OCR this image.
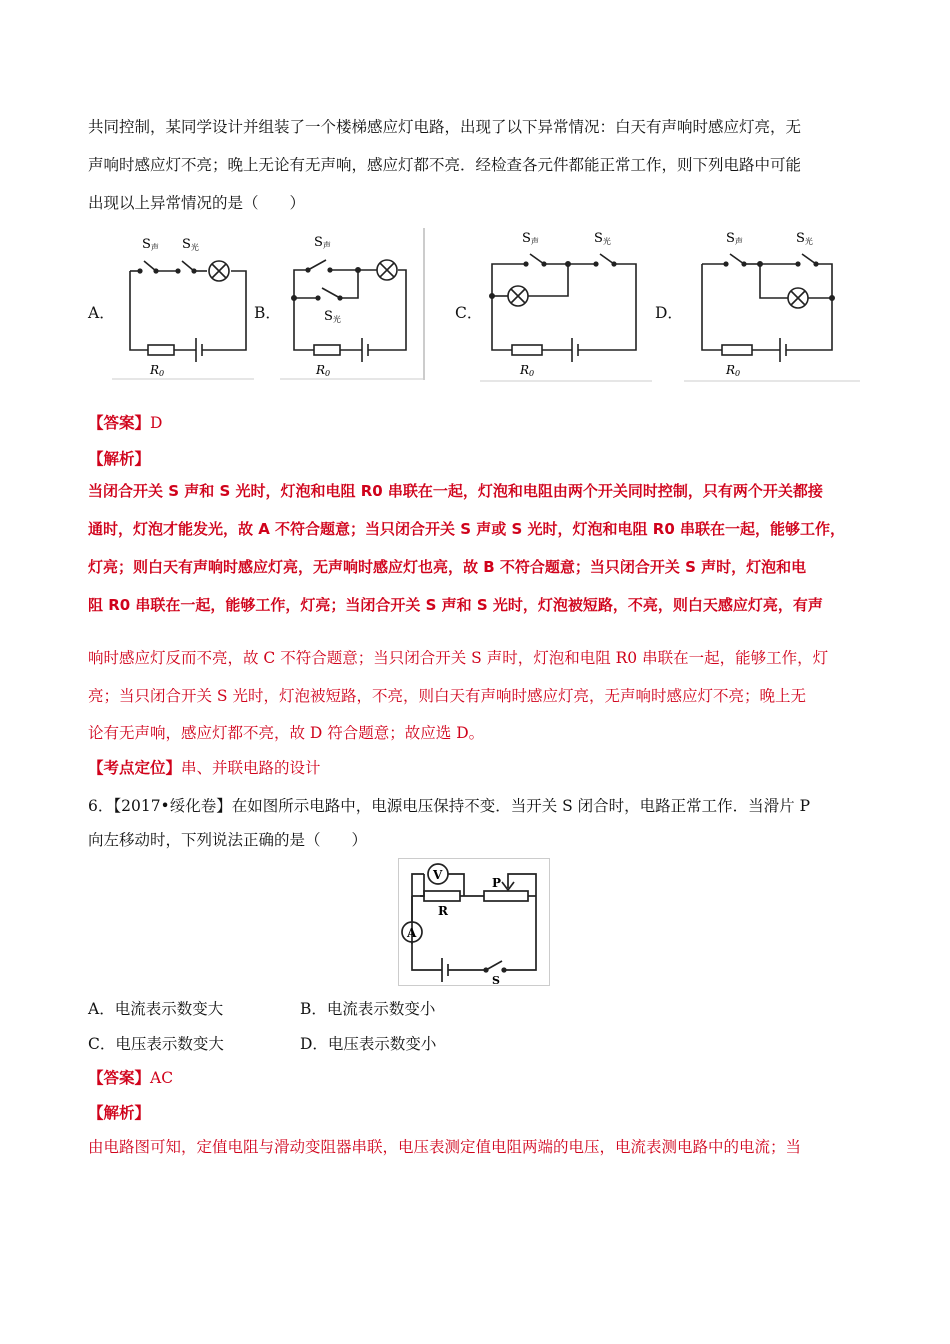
共同控制，某同学设计并组装了一个楼梯感应灯电路，出现了以下异常情况：白天有声响时感应灯亮，无
声响时感应灯不亮；晚上无论有无声响，感应灯都不亮．经检查各元件都能正常工作，则下列电路中可能
出现以上异常情况的是（　　）
A．	B．	C．	D．
S声 S光
R0
S声
S光
R0
S声	S光
R0
S声	S光
R0
【答案】D
【解析】
当闭合开关 S 声和 S 光时，灯泡和电阻 R0 串联在一起，灯泡和电阻由两个开关同时控制，只有两个开关都接
通时，灯泡才能发光，故 A 不符合题意；当只闭合开关 S 声或 S 光时，灯泡和电阻 R0 串联在一起，能够工作，
灯亮；则白天有声响时感应灯亮，无声响时感应灯也亮，故 B 不符合题意；当只闭合开关 S 声时，灯泡和电
阻 R0 串联在一起，能够工作，灯亮；当闭合开关 S 声和 S 光时，灯泡被短路，不亮，则白天感应灯亮，有声
响时感应灯反而不亮，故 C 不符合题意；当只闭合开关 S 声时，灯泡和电阻 R0 串联在一起，能够工作，灯
亮；当只闭合开关 S 光时，灯泡被短路，不亮，则白天有声响时感应灯亮，无声响时感应灯不亮；晚上无
论有无声响，感应灯都不亮，故 D 符合题意；故应选 D。
【考点定位】串、并联电路的设计
6．【2017•绥化卷】在如图所示电路中，电源电压保持不变．当开关 S 闭合时，电路正常工作．当滑片 P
向左移动时，下列说法正确的是（　　）
V
A
R
P
S
A．电流表示数变大	B．电流表示数变小
C．电压表示数变大	D．电压表示数变小
【答案】AC
【解析】
由电路图可知，定值电阻与滑动变阻器串联，电压表测定值电阻两端的电压，电流表测电路中的电流；当
